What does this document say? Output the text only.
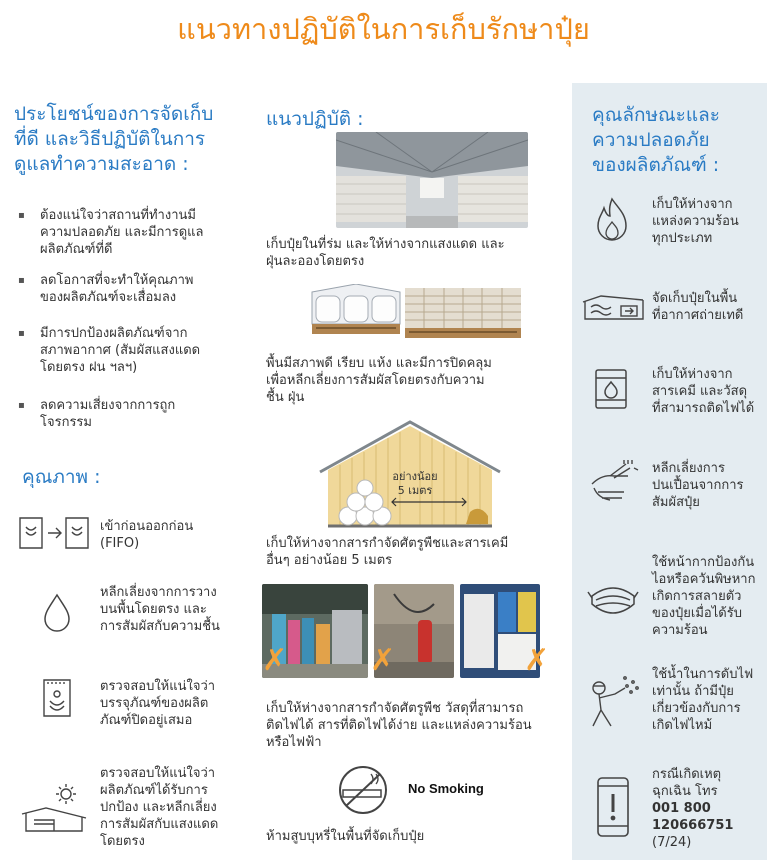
แนวทางปฏิบัติในการเก็บรักษาปุ๋ย
ประโยชน์ของการจัดเก็บ
ที่ดี และวิธีปฏิบัติในการ
ดูแลทำความสะอาด :
▪ ต้องแน่ใจว่าสถานที่ทำงานมี
ความปลอดภัย และมีการดูแล
ผลิตภัณฑ์ที่ดี
▪ ลดโอกาสที่จะทำให้คุณภาพ
ของผลิตภัณฑ์จะเสื่อมลง
▪ มีการปกป้องผลิตภัณฑ์จาก
สภาพอากาศ (สัมผัสแสงแดด
โดยตรง ฝน ฯลฯ)
▪ ลดความเสี่ยงจากการถูก
โจรกรรม
คุณภาพ :
เข้าก่อนออกก่อน
(FIFO)
หลีกเลี่ยงจากการวาง
บนพื้นโดยตรง และ
การสัมผัสกับความชื้น
ตรวจสอบให้แน่ใจว่า
บรรจุภัณฑ์ของผลิต
ภัณฑ์ปิดอยู่เสมอ
ตรวจสอบให้แน่ใจว่า
ผลิตภัณฑ์ได้รับการ
ปกป้อง และหลีกเลี่ยง
การสัมผัสกับแสงแดด
โดยตรง
แนวปฏิบัติ :
เก็บปุ๋ยในที่ร่ม และให้ห่างจากแสงแดด และ
ฝุ่นละอองโดยตรง
พื้นมีสภาพดี เรียบ แห้ง และมีการปิดคลุม
เพื่อหลีกเลี่ยงการสัมผัสโดยตรงกับความ
ชื้น ฝุ่น
อย่างน้อย
5 เมตร
เก็บให้ห่างจากสารกำจัดศัตรูพืชและสารเคมี
อื่นๆ อย่างน้อย 5 เมตร
✗	✗	✗
เก็บให้ห่างจากสารกำจัดศัตรูพืช วัสดุที่สามารถ
ติดไฟได้ สารที่ติดไฟได้ง่าย และแหล่งความร้อน
หรือไฟฟ้า
No Smoking
ห้ามสูบบุหรี่ในพื้นที่จัดเก็บปุ๋ย
คุณลักษณะและ
ความปลอดภัย
ของผลิตภัณฑ์ :
เก็บให้ห่างจาก
แหล่งความร้อน
ทุกประเภท
จัดเก็บปุ๋ยในพื้น
ที่อากาศถ่ายเทดี
เก็บให้ห่างจาก
สารเคมี และวัสดุ
ที่สามารถติดไฟได้
หลีกเลี่ยงการ
ปนเปื้อนจากการ
สัมผัสปุ๋ย
ใช้หน้ากากป้องกัน
ไอหรือควันพิษหาก
เกิดการสลายตัว
ของปุ๋ยเมื่อได้รับ
ความร้อน
ใช้น้ำในการดับไฟ
เท่านั้น ถ้ามีปุ๋ย
เกี่ยวข้องกับการ
เกิดไฟไหม้
กรณีเกิดเหตุ
ฉุกเฉิน โทร
001 800
120666751
(7/24)
